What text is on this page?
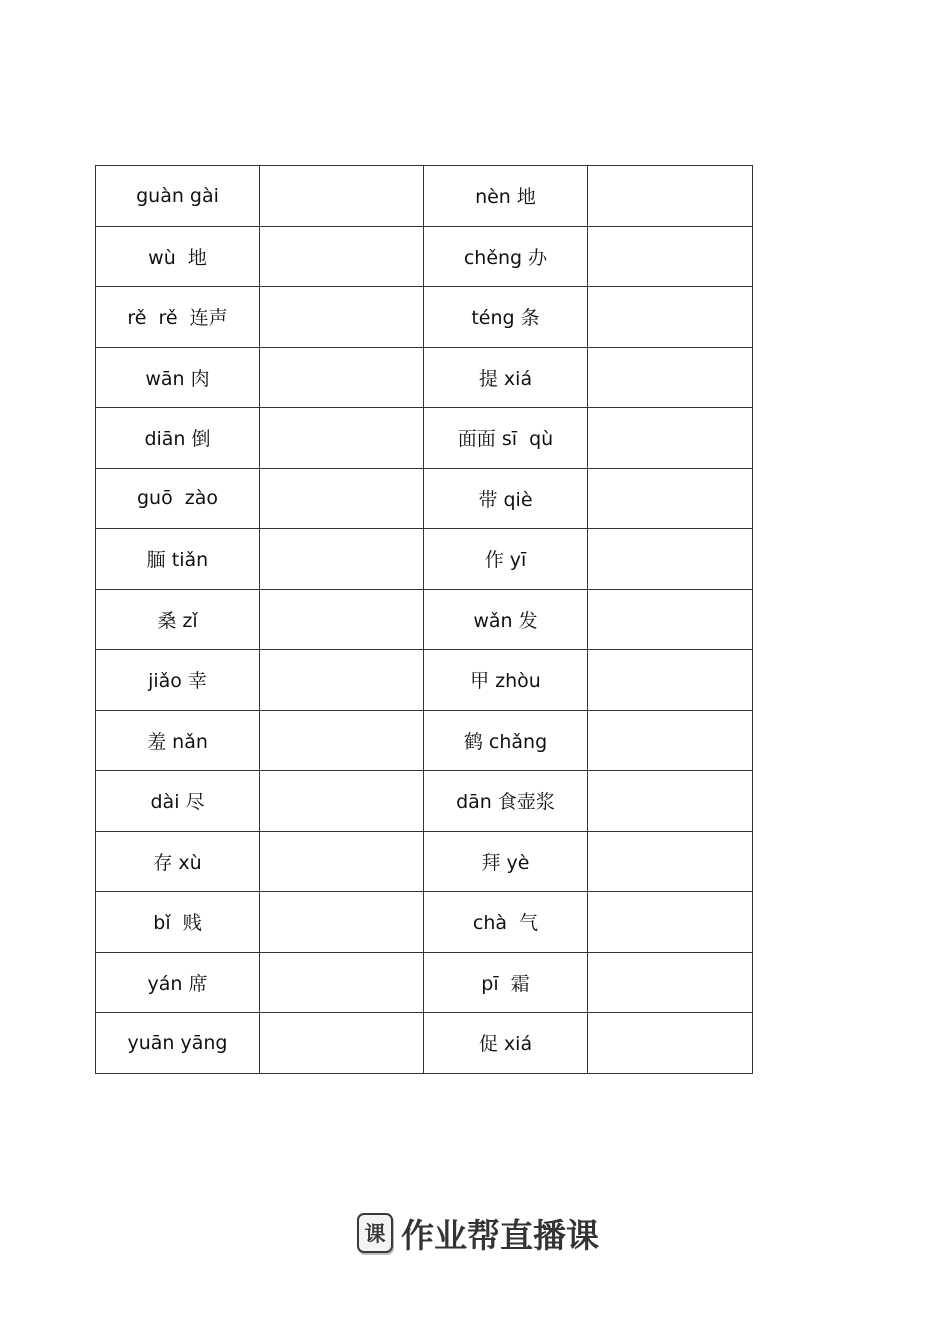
guàn gài		nèn 地	
wù  地		chěng 办	
rě  rě  连声		téng 条	
wān 肉		提 xiá	
diān 倒		面面 sī  qù	
guō  zào		带 qiè	
腼 tiǎn		作 yī	
桑 zǐ		wǎn 发	
jiǎo 幸		甲 zhòu	
羞 nǎn		鹤 chǎng	
dài 尽		dān 食壶浆	
存 xù		拜 yè	
bǐ  贱		chà  气	
yán 席		pī  霜	
yuān yāng		促 xiá	
课 作业帮直播课
